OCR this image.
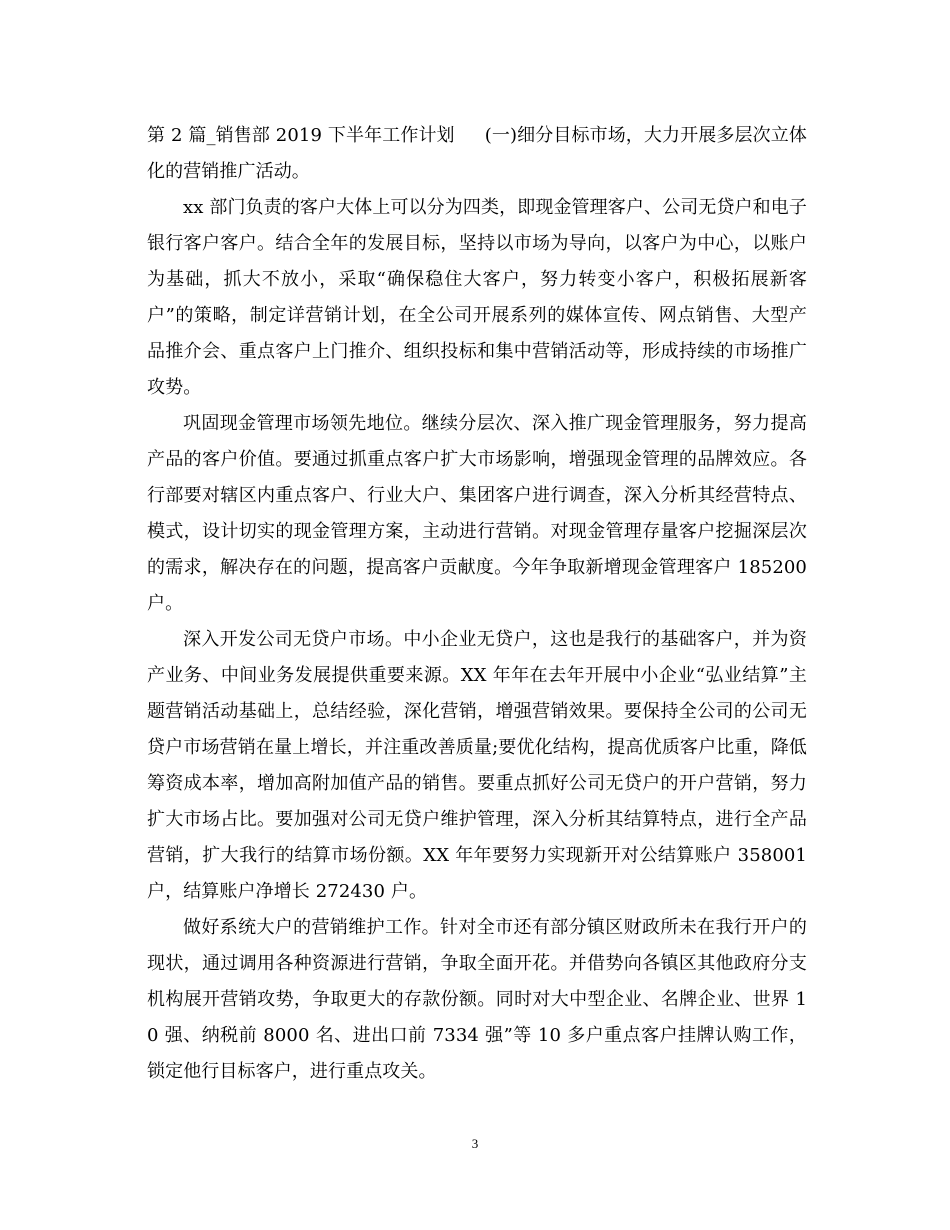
第 2 篇_销售部 2019 下半年工作计划 (一)细分目标市场，大力开展多层次立体化的营销推广活动。

xx 部门负责的客户大体上可以分为四类，即现金管理客户、公司无贷户和电子银行客户客户。结合全年的发展目标，坚持以市场为导向，以客户为中心，以账户为基础，抓大不放小，采取“确保稳住大客户，努力转变小客户，积极拓展新客户”的策略，制定详营销计划，在全公司开展系列的媒体宣传、网点销售、大型产品推介会、重点客户上门推介、组织投标和集中营销活动等，形成持续的市场推广攻势。

巩固现金管理市场领先地位。继续分层次、深入推广现金管理服务，努力提高产品的客户价值。要通过抓重点客户扩大市场影响，增强现金管理的品牌效应。各行部要对辖区内重点客户、行业大户、集团客户进行调查，深入分析其经营特点、模式，设计切实的现金管理方案，主动进行营销。对现金管理存量客户挖掘深层次的需求，解决存在的问题，提高客户贡献度。今年争取新增现金管理客户 185200 户。

深入开发公司无贷户市场。中小企业无贷户，这也是我行的基础客户，并为资产业务、中间业务发展提供重要来源。XX 年年在去年开展中小企业“弘业结算”主题营销活动基础上，总结经验，深化营销，增强营销效果。要保持全公司的公司无贷户市场营销在量上增长，并注重改善质量;要优化结构，提高优质客户比重，降低筹资成本率，增加高附加值产品的销售。要重点抓好公司无贷户的开户营销，努力扩大市场占比。要加强对公司无贷户维护管理，深入分析其结算特点，进行全产品营销，扩大我行的结算市场份额。XX 年年要努力实现新开对公结算账户 358001 户，结算账户净增长 272430 户。

做好系统大户的营销维护工作。针对全市还有部分镇区财政所未在我行开户的现状，通过调用各种资源进行营销，争取全面开花。并借势向各镇区其他政府分支机构展开营销攻势，争取更大的存款份额。同时对大中型企业、名牌企业、世界 10 强、纳税前 8000 名、进出口前 7334 强”等 10 多户重点客户挂牌认购工作，锁定他行目标客户，进行重点攻关。

3
